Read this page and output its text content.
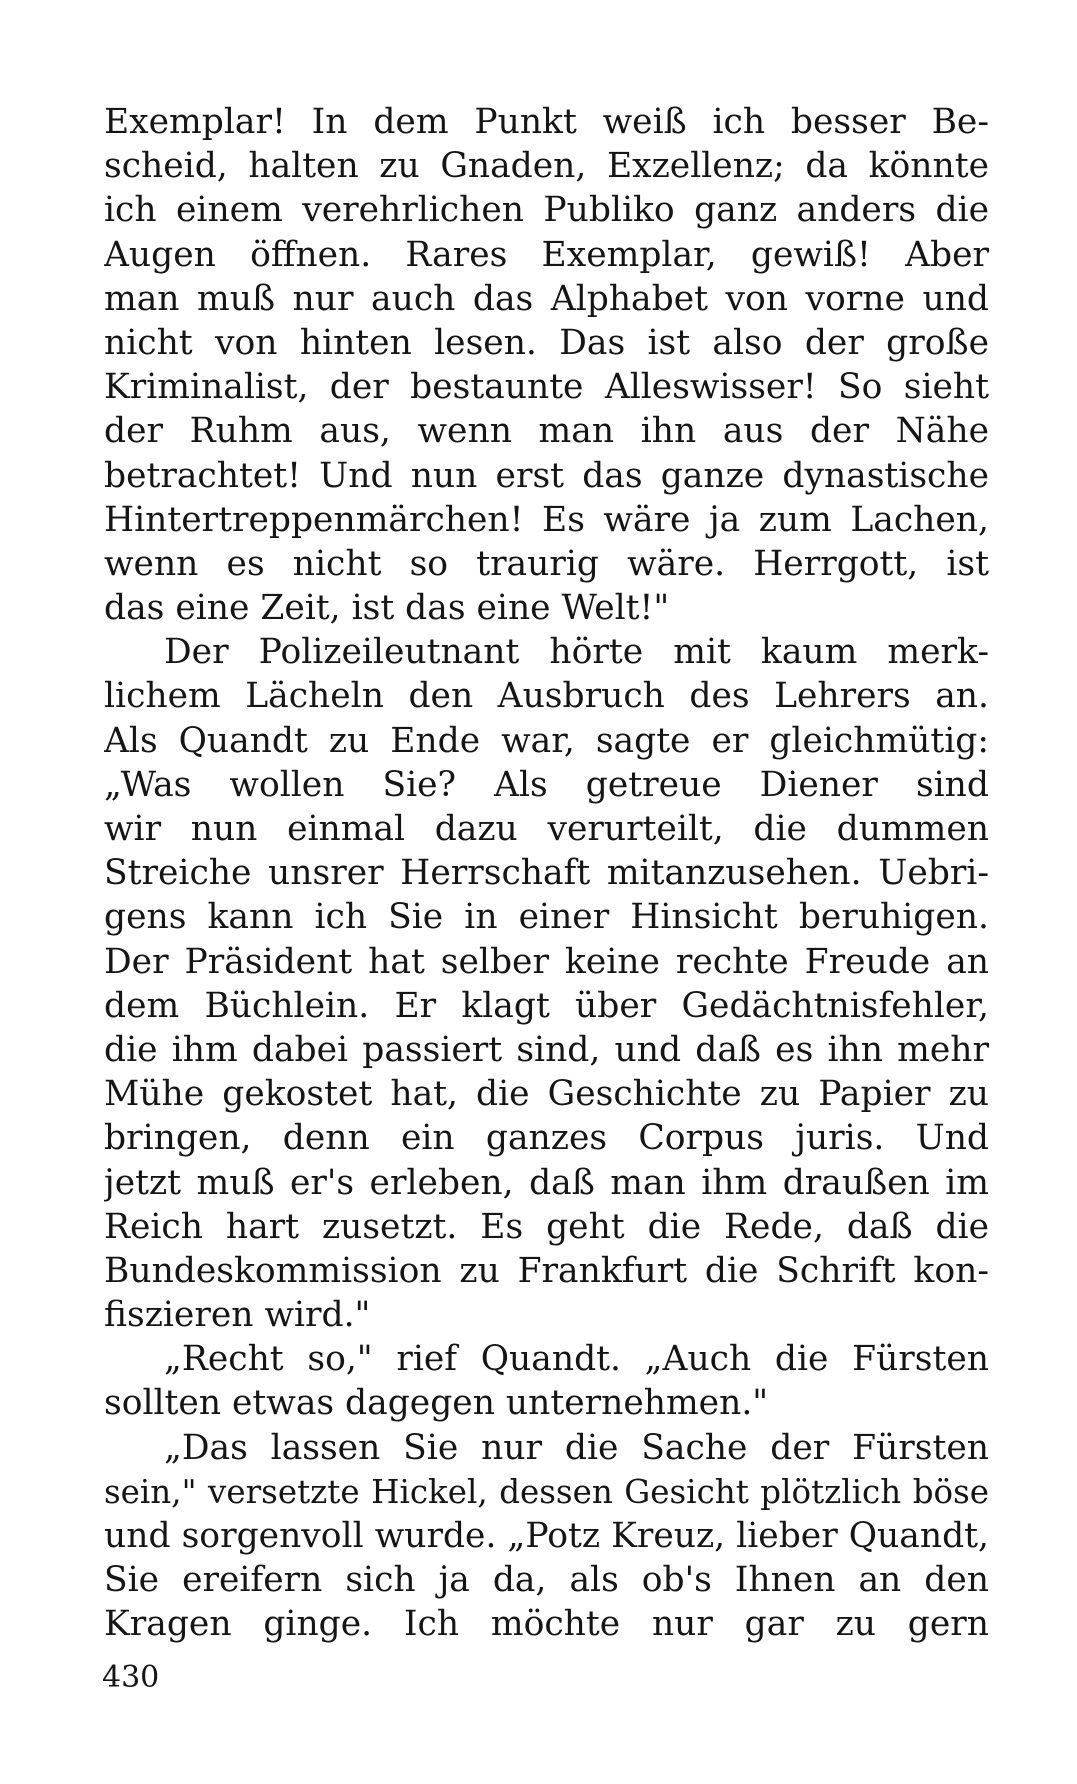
Exemplar! In dem Punkt weiß ich besser Be-
scheid, halten zu Gnaden, Exzellenz; da könnte
ich einem verehrlichen Publiko ganz anders die
Augen öffnen. Rares Exemplar, gewiß! Aber
man muß nur auch das Alphabet von vorne und
nicht von hinten lesen. Das ist also der große
Kriminalist, der bestaunte Alleswisser! So sieht
der Ruhm aus, wenn man ihn aus der Nähe
betrachtet! Und nun erst das ganze dynastische
Hintertreppenmärchen! Es wäre ja zum Lachen,
wenn es nicht so traurig wäre. Herrgott, ist
das eine Zeit, ist das eine Welt!"
Der Polizeileutnant hörte mit kaum merk-
lichem Lächeln den Ausbruch des Lehrers an.
Als Quandt zu Ende war, sagte er gleichmütig:
„Was wollen Sie? Als getreue Diener sind
wir nun einmal dazu verurteilt, die dummen
Streiche unsrer Herrschaft mitanzusehen. Uebri-
gens kann ich Sie in einer Hinsicht beruhigen.
Der Präsident hat selber keine rechte Freude an
dem Büchlein. Er klagt über Gedächtnisfehler,
die ihm dabei passiert sind, und daß es ihn mehr
Mühe gekostet hat, die Geschichte zu Papier zu
bringen, denn ein ganzes Corpus juris. Und
jetzt muß er's erleben, daß man ihm draußen im
Reich hart zusetzt. Es geht die Rede, daß die
Bundeskommission zu Frankfurt die Schrift kon-
fiszieren wird."
„Recht so," rief Quandt. „Auch die Fürsten
sollten etwas dagegen unternehmen."
„Das lassen Sie nur die Sache der Fürsten
sein," versetzte Hickel, dessen Gesicht plötzlich böse
und sorgenvoll wurde. „Potz Kreuz, lieber Quandt,
Sie ereifern sich ja da, als ob's Ihnen an den
Kragen ginge. Ich möchte nur gar zu gern
430
